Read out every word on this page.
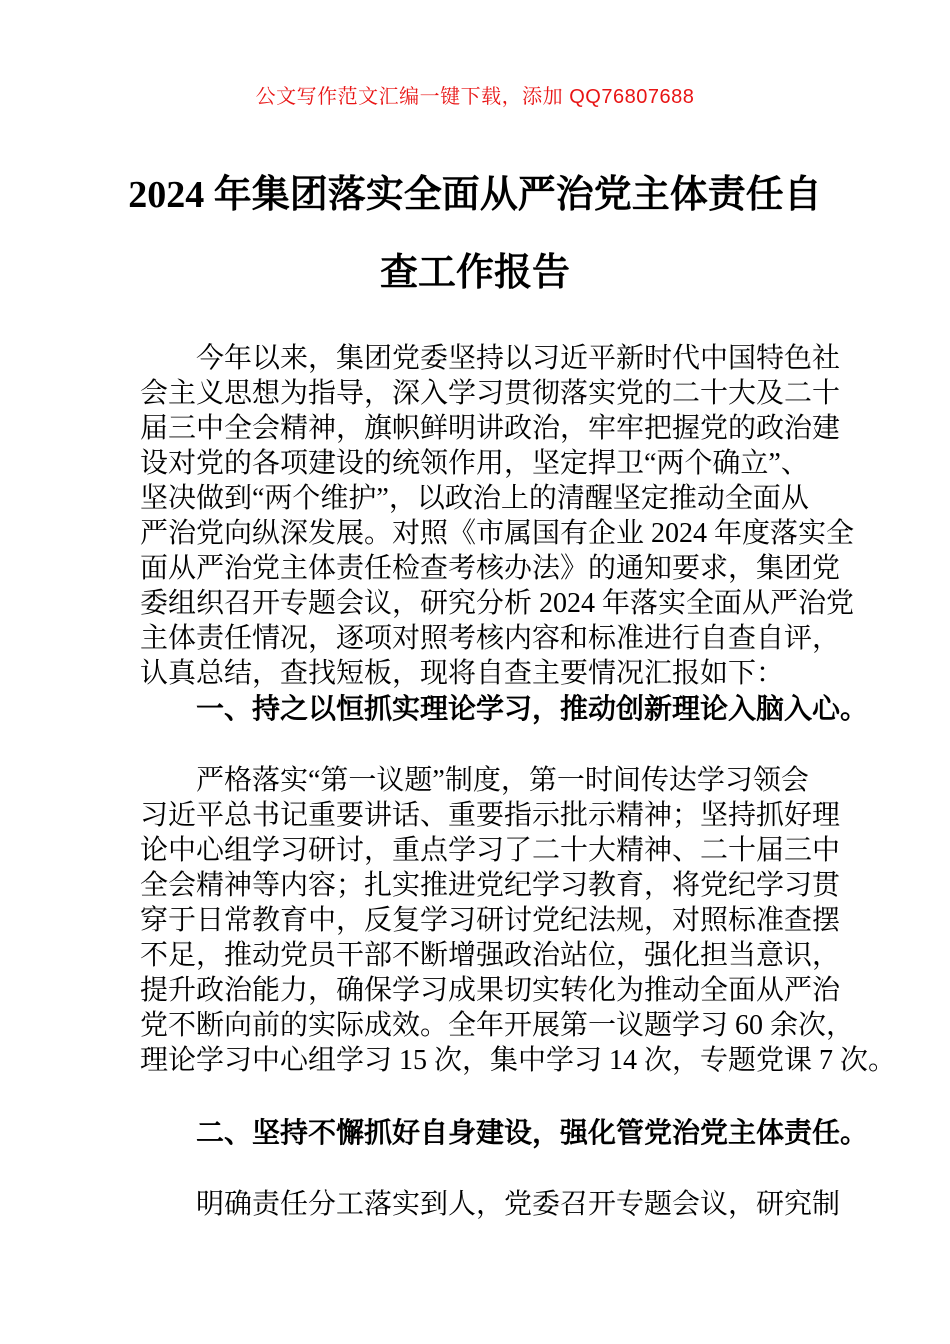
公文写作范文汇编一键下载，添加 QQ76807688
2024 年集团落实全面从严治党主体责任自
查工作报告
今年以来，集团党委坚持以习近平新时代中国特色社
会主义思想为指导，深入学习贯彻落实党的二十大及二十
届三中全会精神，旗帜鲜明讲政治，牢牢把握党的政治建
设对党的各项建设的统领作用，坚定捍卫“两个确立”、
坚决做到“两个维护”，以政治上的清醒坚定推动全面从
严治党向纵深发展。对照《市属国有企业 2024 年度落实全
面从严治党主体责任检查考核办法》的通知要求，集团党
委组织召开专题会议，研究分析 2024 年落实全面从严治党
主体责任情况，逐项对照考核内容和标准进行自查自评，
认真总结，查找短板，现将自查主要情况汇报如下：
一、持之以恒抓实理论学习，推动创新理论入脑入心。
严格落实“第一议题”制度，第一时间传达学习领会
习近平总书记重要讲话、重要指示批示精神；坚持抓好理
论中心组学习研讨，重点学习了二十大精神、二十届三中
全会精神等内容；扎实推进党纪学习教育，将党纪学习贯
穿于日常教育中，反复学习研讨党纪法规，对照标准查摆
不足，推动党员干部不断增强政治站位，强化担当意识，
提升政治能力，确保学习成果切实转化为推动全面从严治
党不断向前的实际成效。全年开展第一议题学习 60 余次，
理论学习中心组学习 15 次，集中学习 14 次，专题党课 7 次。
二、坚持不懈抓好自身建设，强化管党治党主体责任。
明确责任分工落实到人，党委召开专题会议，研究制
